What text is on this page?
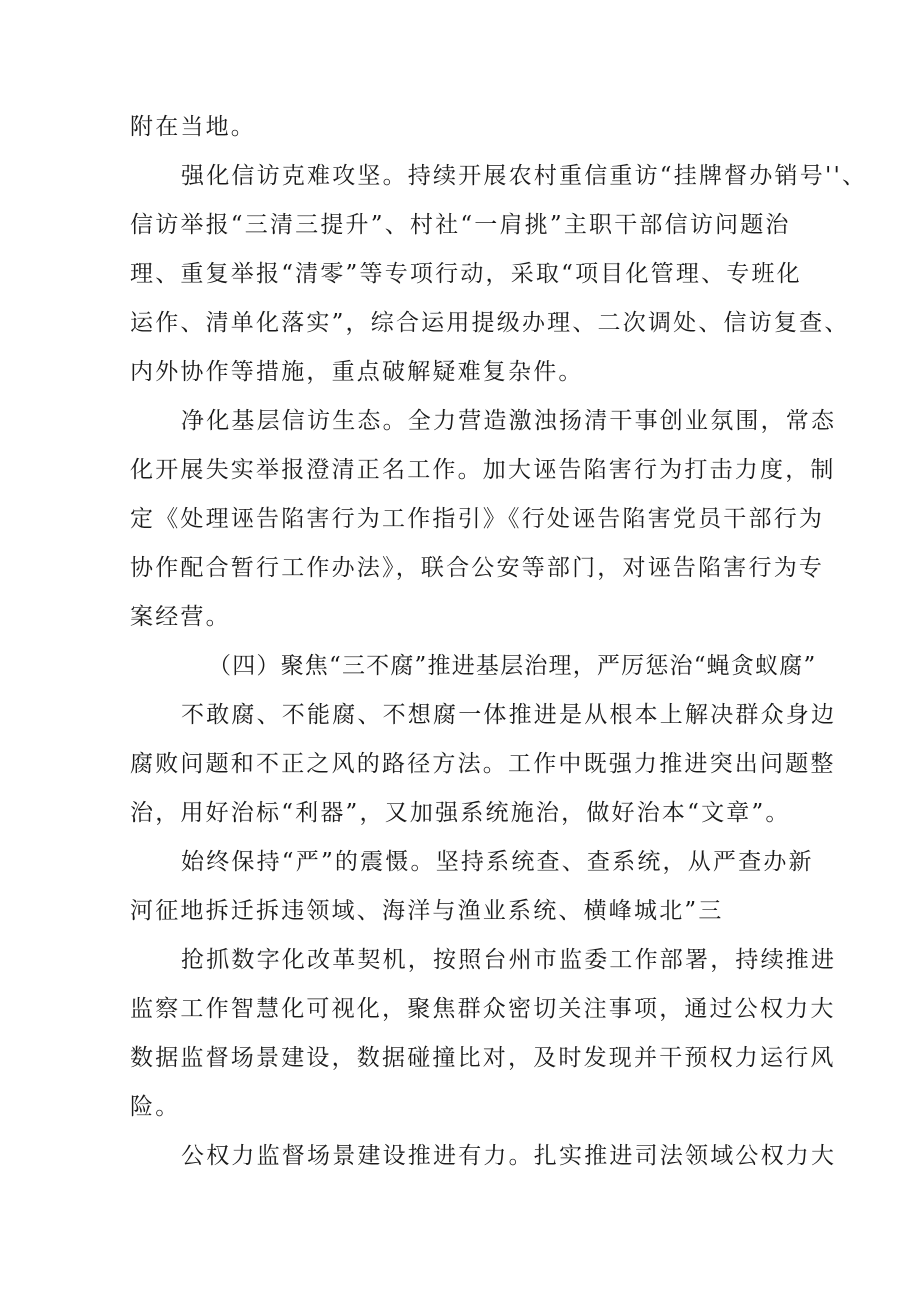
附在当地。
强化信访克难攻坚。持续开展农村重信重访“挂牌督办销号''、
信访举报“三清三提升”、村社“一肩挑”主职干部信访问题治
理、重复举报“清零”等专项行动，采取“项目化管理、专班化
运作、清单化落实”，综合运用提级办理、二次调处、信访复查、
内外协作等措施，重点破解疑难复杂件。
净化基层信访生态。全力营造激浊扬清干事创业氛围，常态
化开展失实举报澄清正名工作。加大诬告陷害行为打击力度，制
定《处理诬告陷害行为工作指引》《行处诬告陷害党员干部行为
协作配合暂行工作办法》，联合公安等部门，对诬告陷害行为专
案经营。
（四）聚焦“三不腐”推进基层治理，严厉惩治“蝇贪蚁腐”
不敢腐、不能腐、不想腐一体推进是从根本上解决群众身边
腐败问题和不正之风的路径方法。工作中既强力推进突出问题整
治，用好治标“利器”，又加强系统施治，做好治本“文章”。
始终保持“严”的震慑。坚持系统查、查系统，从严查办新
河征地拆迁拆违领域、海洋与渔业系统、横峰城北”三
抢抓数字化改革契机，按照台州市监委工作部署，持续推进
监察工作智慧化可视化，聚焦群众密切关注事项，通过公权力大
数据监督场景建设，数据碰撞比对，及时发现并干预权力运行风
险。
公权力监督场景建设推进有力。扎实推进司法领域公权力大
